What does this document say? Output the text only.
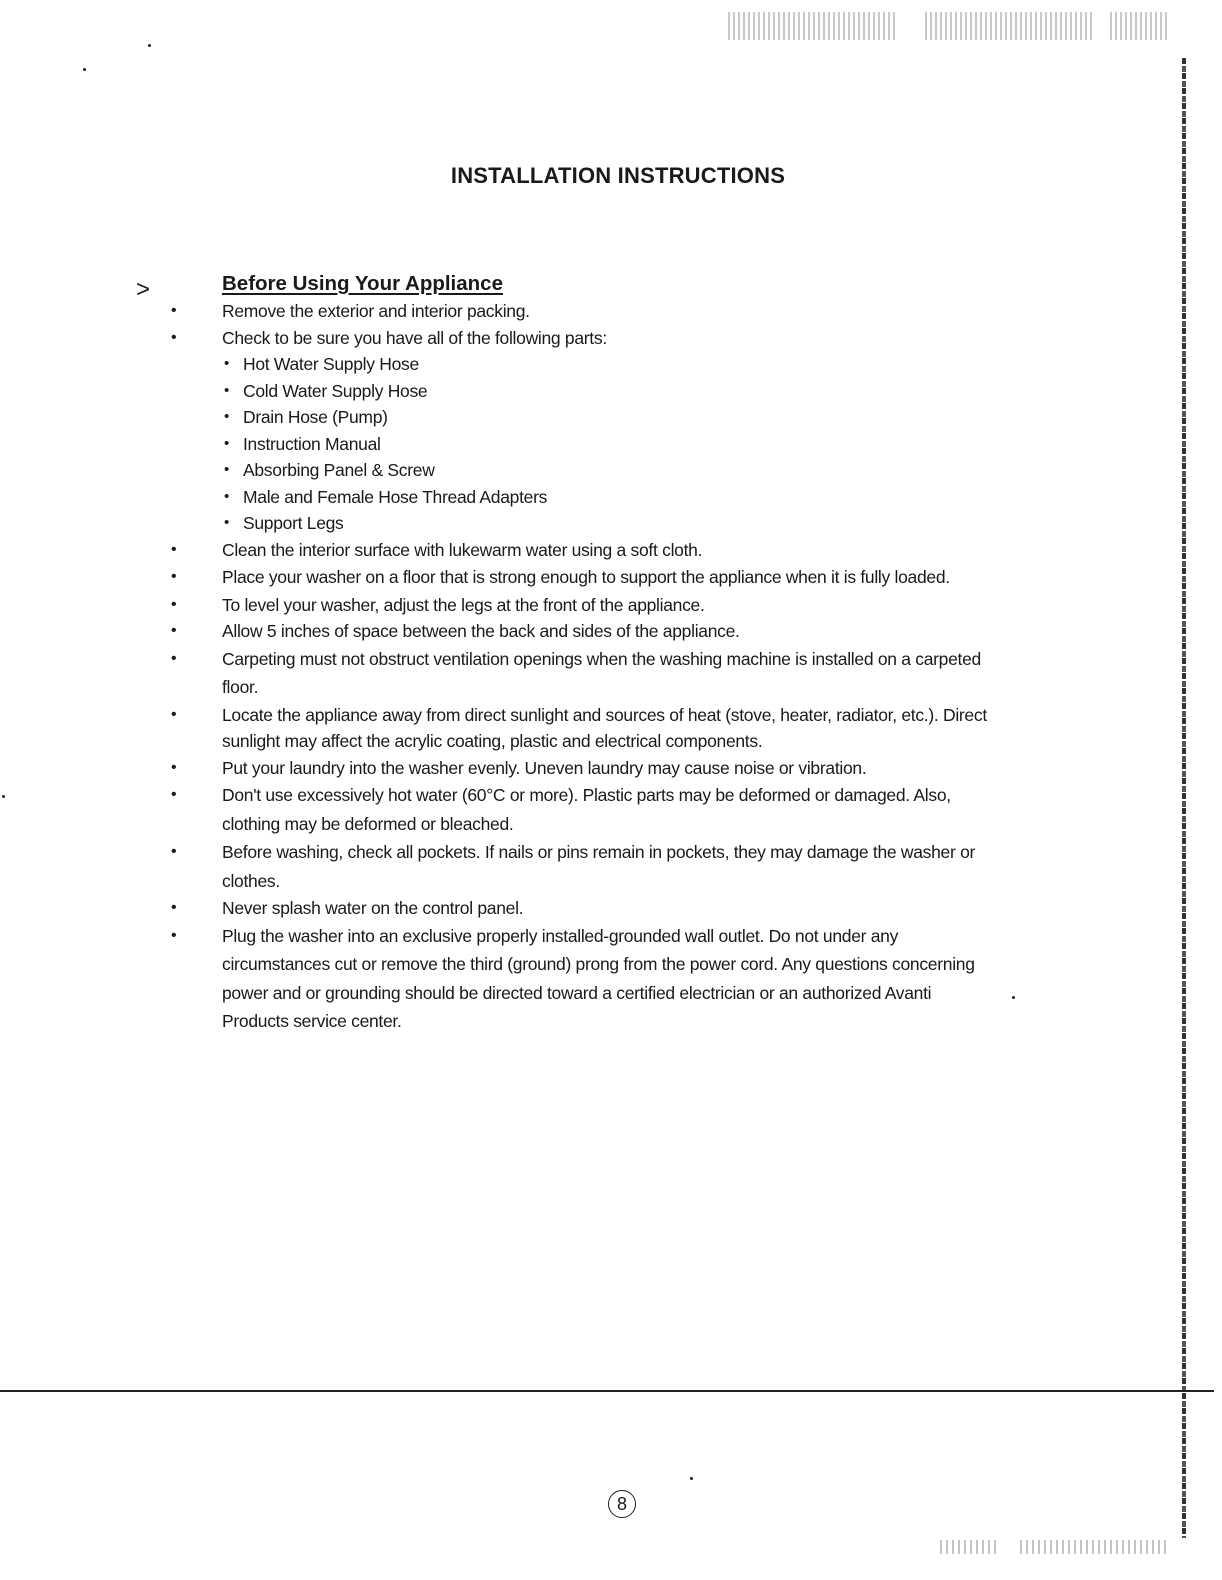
INSTALLATION INSTRUCTIONS
>	Before Using Your Appliance
• Remove the exterior and interior packing.
• Check to be sure you have all of the following parts:
• Hot Water Supply Hose
• Cold Water Supply Hose
• Drain Hose (Pump)
• Instruction Manual
• Absorbing Panel & Screw
• Male and Female Hose Thread Adapters
• Support Legs
• Clean the interior surface with lukewarm water using a soft cloth.
• Place your washer on a floor that is strong enough to support the appliance when it is fully loaded.
• To level your washer, adjust the legs at the front of the appliance.
• Allow 5 inches of space between the back and sides of the appliance.
• Carpeting must not obstruct ventilation openings when the washing machine is installed on a carpeted floor.
• Locate the appliance away from direct sunlight and sources of heat (stove, heater, radiator, etc.). Direct sunlight may affect the acrylic coating, plastic and electrical components.
• Put your laundry into the washer evenly. Uneven laundry may cause noise or vibration.
• Don't use excessively hot water (60°C or more). Plastic parts may be deformed or damaged. Also, clothing may be deformed or bleached.
• Before washing, check all pockets. If nails or pins remain in pockets, they may damage the washer or clothes.
• Never splash water on the control panel.
• Plug the washer into an exclusive properly installed-grounded wall outlet. Do not under any circumstances cut or remove the third (ground) prong from the power cord. Any questions concerning power and or grounding should be directed toward a certified electrician or an authorized Avanti Products service center.
8
